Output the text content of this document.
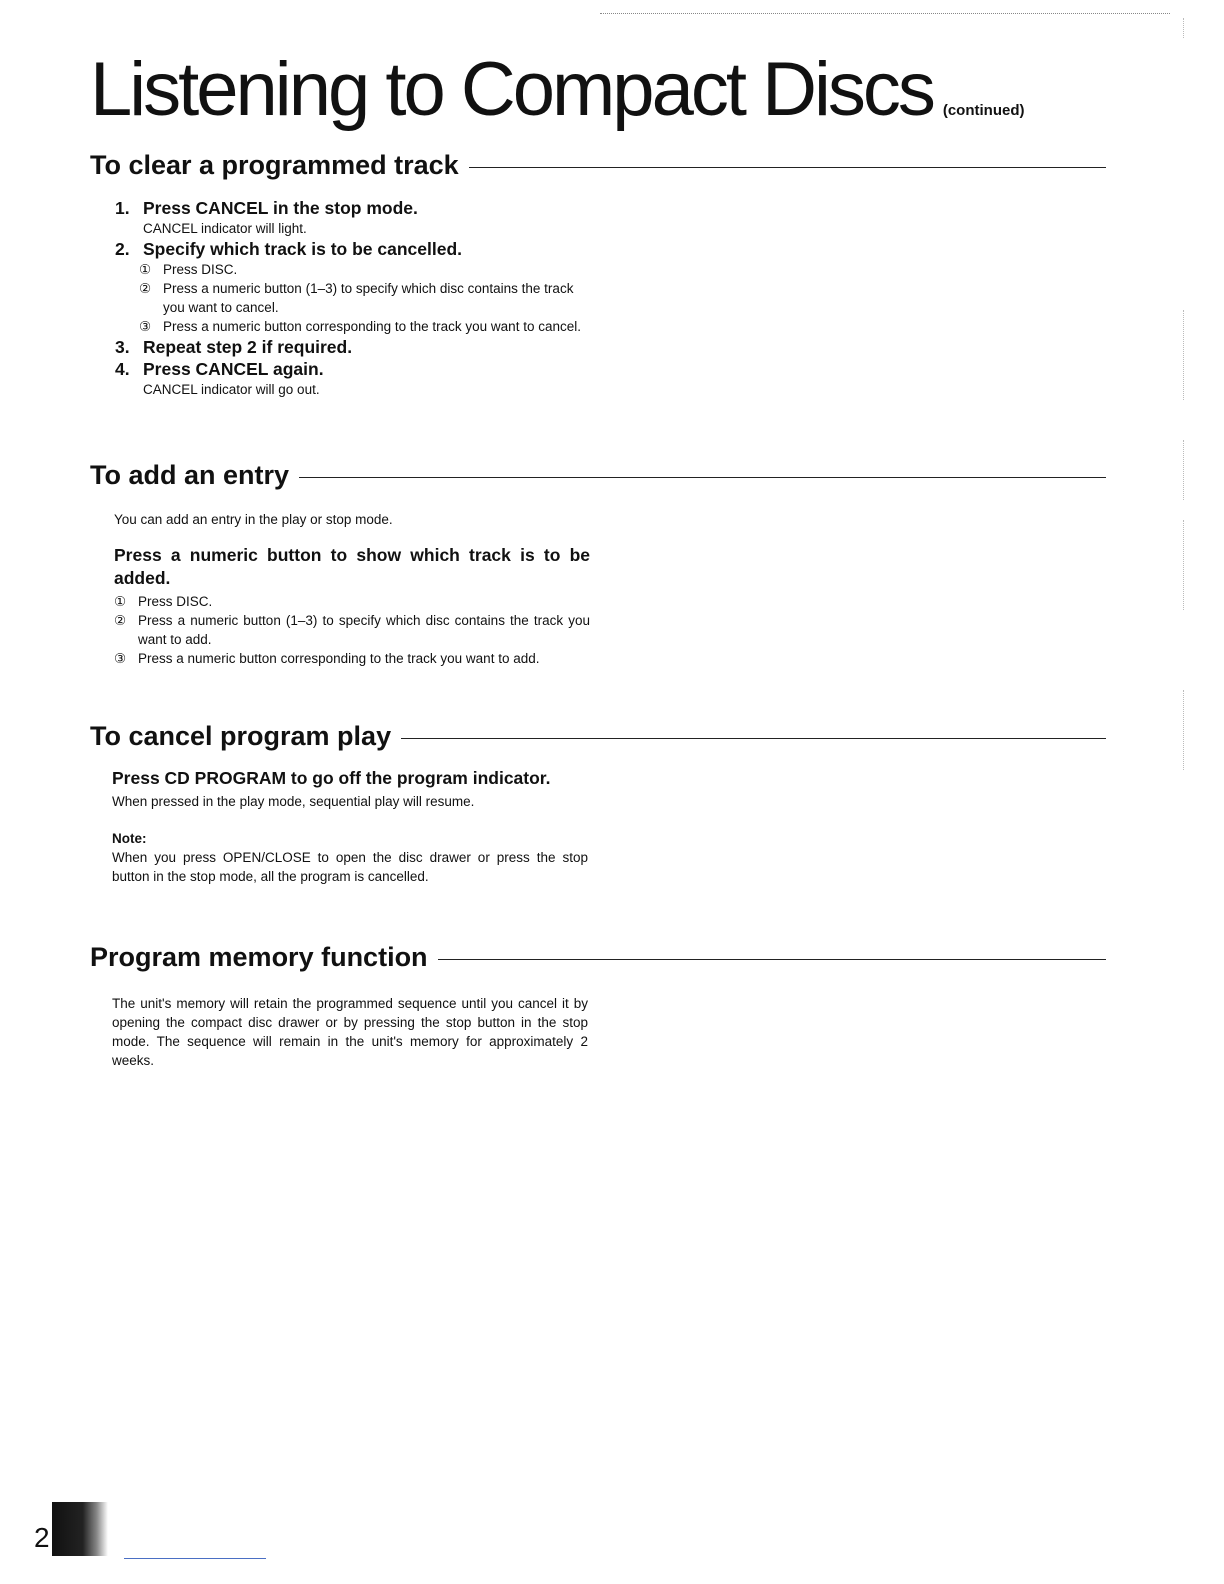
Listening to Compact Discs (continued)
To clear a programmed track
1. Press CANCEL in the stop mode.
CANCEL indicator will light.
2. Specify which track is to be cancelled.
① Press DISC.
② Press a numeric button (1–3) to specify which disc contains the track you want to cancel.
③ Press a numeric button corresponding to the track you want to cancel.
3. Repeat step 2 if required.
4. Press CANCEL again.
CANCEL indicator will go out.
To add an entry

You can add an entry in the play or stop mode.

Press a numeric button to show which track is to be added.

① Press DISC.
② Press a numeric button (1–3) to specify which disc contains the track you want to add.
③ Press a numeric button corresponding to the track you want to add.
To cancel program play

Press CD PROGRAM to go off the program indicator.

When pressed in the play mode, sequential play will resume.

Note:

When you press OPEN/CLOSE to open the disc drawer or press the stop button in the stop mode, all the program is cancelled.

Program memory function

The unit's memory will retain the programmed sequence until you cancel it by opening the compact disc drawer or by pressing the stop button in the stop mode. The sequence will remain in the unit's memory for approximately 2 weeks.

2
